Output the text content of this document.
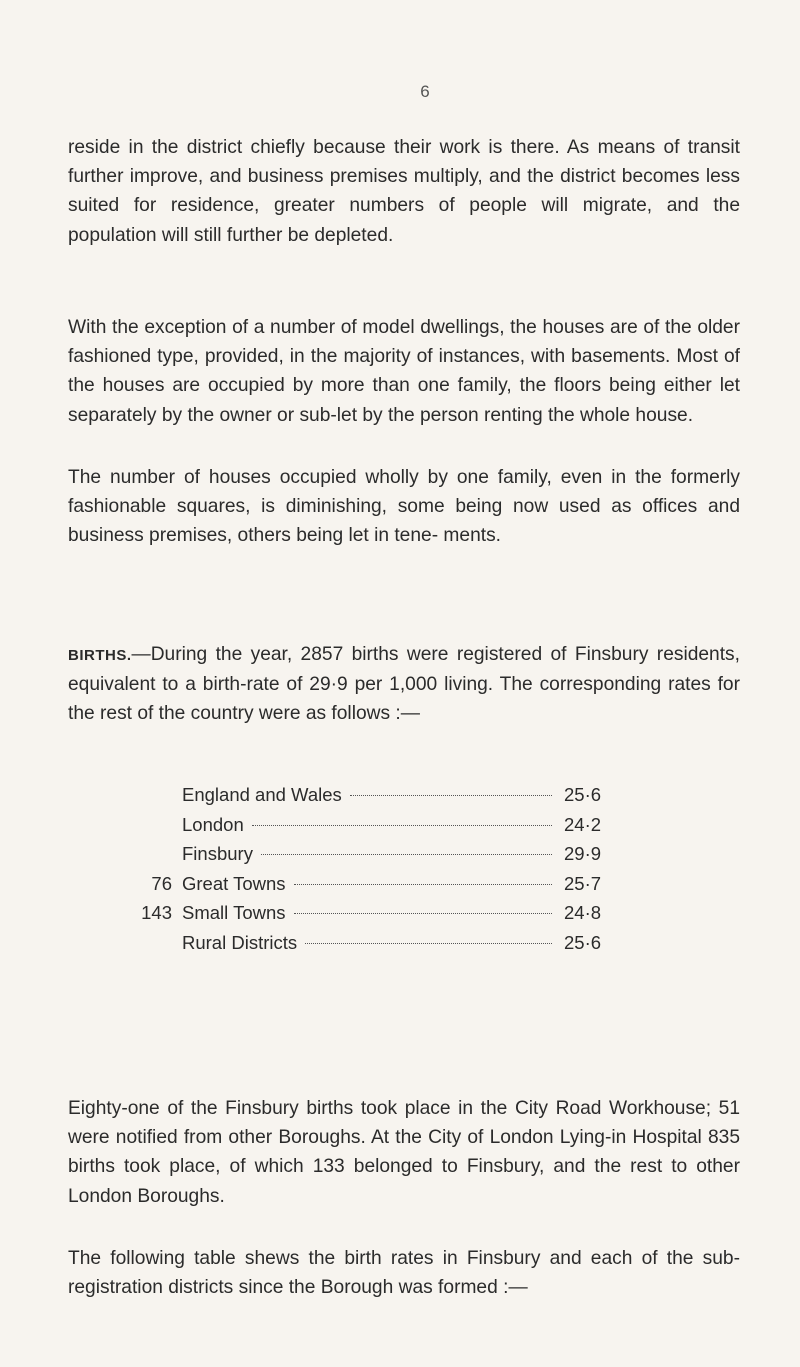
6

reside in the district chiefly because their work is there. As means of transit further improve, and business premises multiply, and the district becomes less suited for residence, greater numbers of people will migrate, and the population will still further be depleted.

With the exception of a number of model dwellings, the houses are of the older fashioned type, provided, in the majority of instances, with basements. Most of the houses are occupied by more than one family, the floors being either let separately by the owner or sub-let by the person renting the whole house.

The number of houses occupied wholly by one family, even in the formerly fashionable squares, is diminishing, some being now used as offices and business premises, others being let in tene- ments.

BIRTHS.—During the year, 2857 births were registered of Finsbury residents, equivalent to a birth-rate of 29·9 per 1,000 living. The corresponding rates for the rest of the country were as follows :—

England and Wales	25·6
London	24·2
Finsbury	29·9
76 Great Towns	25·7
143 Small Towns	24·8
Rural Districts	25·6

Eighty-one of the Finsbury births took place in the City Road Workhouse; 51 were notified from other Boroughs. At the City of London Lying-in Hospital 835 births took place, of which 133 belonged to Finsbury, and the rest to other London Boroughs.

The following table shews the birth rates in Finsbury and each of the sub-registration districts since the Borough was formed :—
